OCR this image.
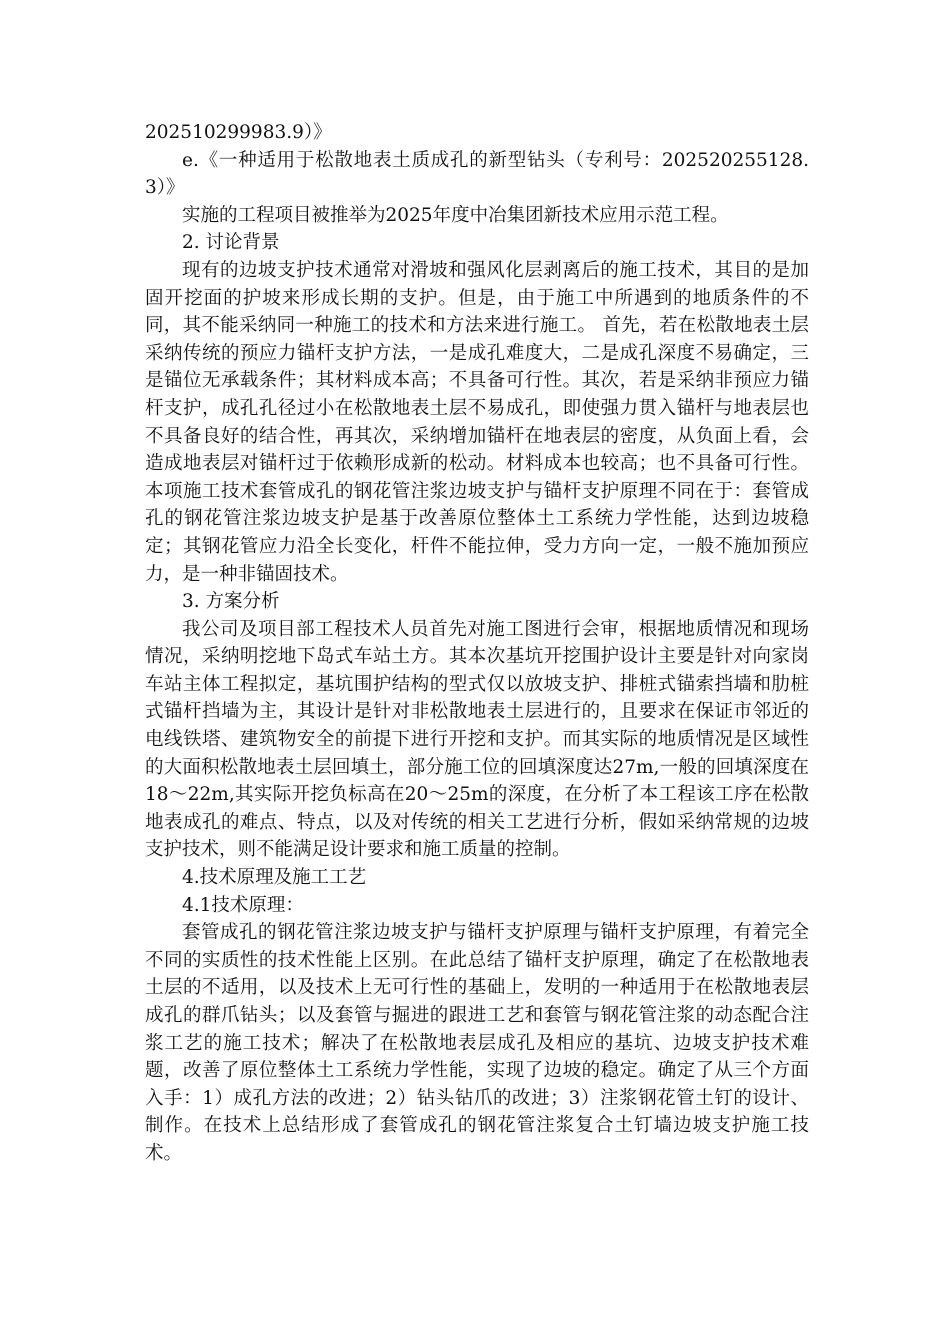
202510299983.9）》

e.《一种适用于松散地表土质成孔的新型钻头（专利号：202520255128.3）》

实施的工程项目被推举为2025年度中冶集团新技术应用示范工程。

2. 讨论背景

现有的边坡支护技术通常对滑坡和强风化层剥离后的施工技术，其目的是加固开挖面的护坡来形成长期的支护。但是，由于施工中所遇到的地质条件的不同，其不能采纳同一种施工的技术和方法来进行施工。 首先，若在松散地表土层采纳传统的预应力锚杆支护方法，一是成孔难度大，二是成孔深度不易确定，三是锚位无承载条件；其材料成本高；不具备可行性。其次，若是采纳非预应力锚杆支护，成孔孔径过小在松散地表土层不易成孔，即使强力贯入锚杆与地表层也不具备良好的结合性，再其次，采纳增加锚杆在地表层的密度，从负面上看，会造成地表层对锚杆过于依赖形成新的松动。材料成本也较高；也不具备可行性。本项施工技术套管成孔的钢花管注浆边坡支护与锚杆支护原理不同在于：套管成孔的钢花管注浆边坡支护是基于改善原位整体土工系统力学性能，达到边坡稳定；其钢花管应力沿全长变化，杆件不能拉伸，受力方向一定，一般不施加预应力，是一种非锚固技术。

3. 方案分析

我公司及项目部工程技术人员首先对施工图进行会审，根据地质情况和现场情况，采纳明挖地下岛式车站土方。其本次基坑开挖围护设计主要是针对向家岗车站主体工程拟定，基坑围护结构的型式仅以放坡支护、排桩式锚索挡墙和肋桩式锚杆挡墙为主，其设计是针对非松散地表土层进行的，且要求在保证市邻近的电线铁塔、建筑物安全的前提下进行开挖和支护。而其实际的地质情况是区域性的大面积松散地表土层回填土，部分施工位的回填深度达27m,一般的回填深度在18～22m,其实际开挖负标高在20～25m的深度，在分析了本工程该工序在松散地表成孔的难点、特点，以及对传统的相关工艺进行分析，假如采纳常规的边坡支护技术，则不能满足设计要求和施工质量的控制。

4.技术原理及施工工艺

4.1技术原理：

套管成孔的钢花管注浆边坡支护与锚杆支护原理与锚杆支护原理，有着完全不同的实质性的技术性能上区别。在此总结了锚杆支护原理，确定了在松散地表土层的不适用，以及技术上无可行性的基础上，发明的一种适用于在松散地表层成孔的群爪钻头；以及套管与掘进的跟进工艺和套管与钢花管注浆的动态配合注浆工艺的施工技术；解决了在松散地表层成孔及相应的基坑、边坡支护技术难题，改善了原位整体土工系统力学性能，实现了边坡的稳定。确定了从三个方面入手：1）成孔方法的改进；2）钻头钻爪的改进；3）注浆钢花管土钉的设计、制作。在技术上总结形成了套管成孔的钢花管注浆复合土钉墙边坡支护施工技术。
